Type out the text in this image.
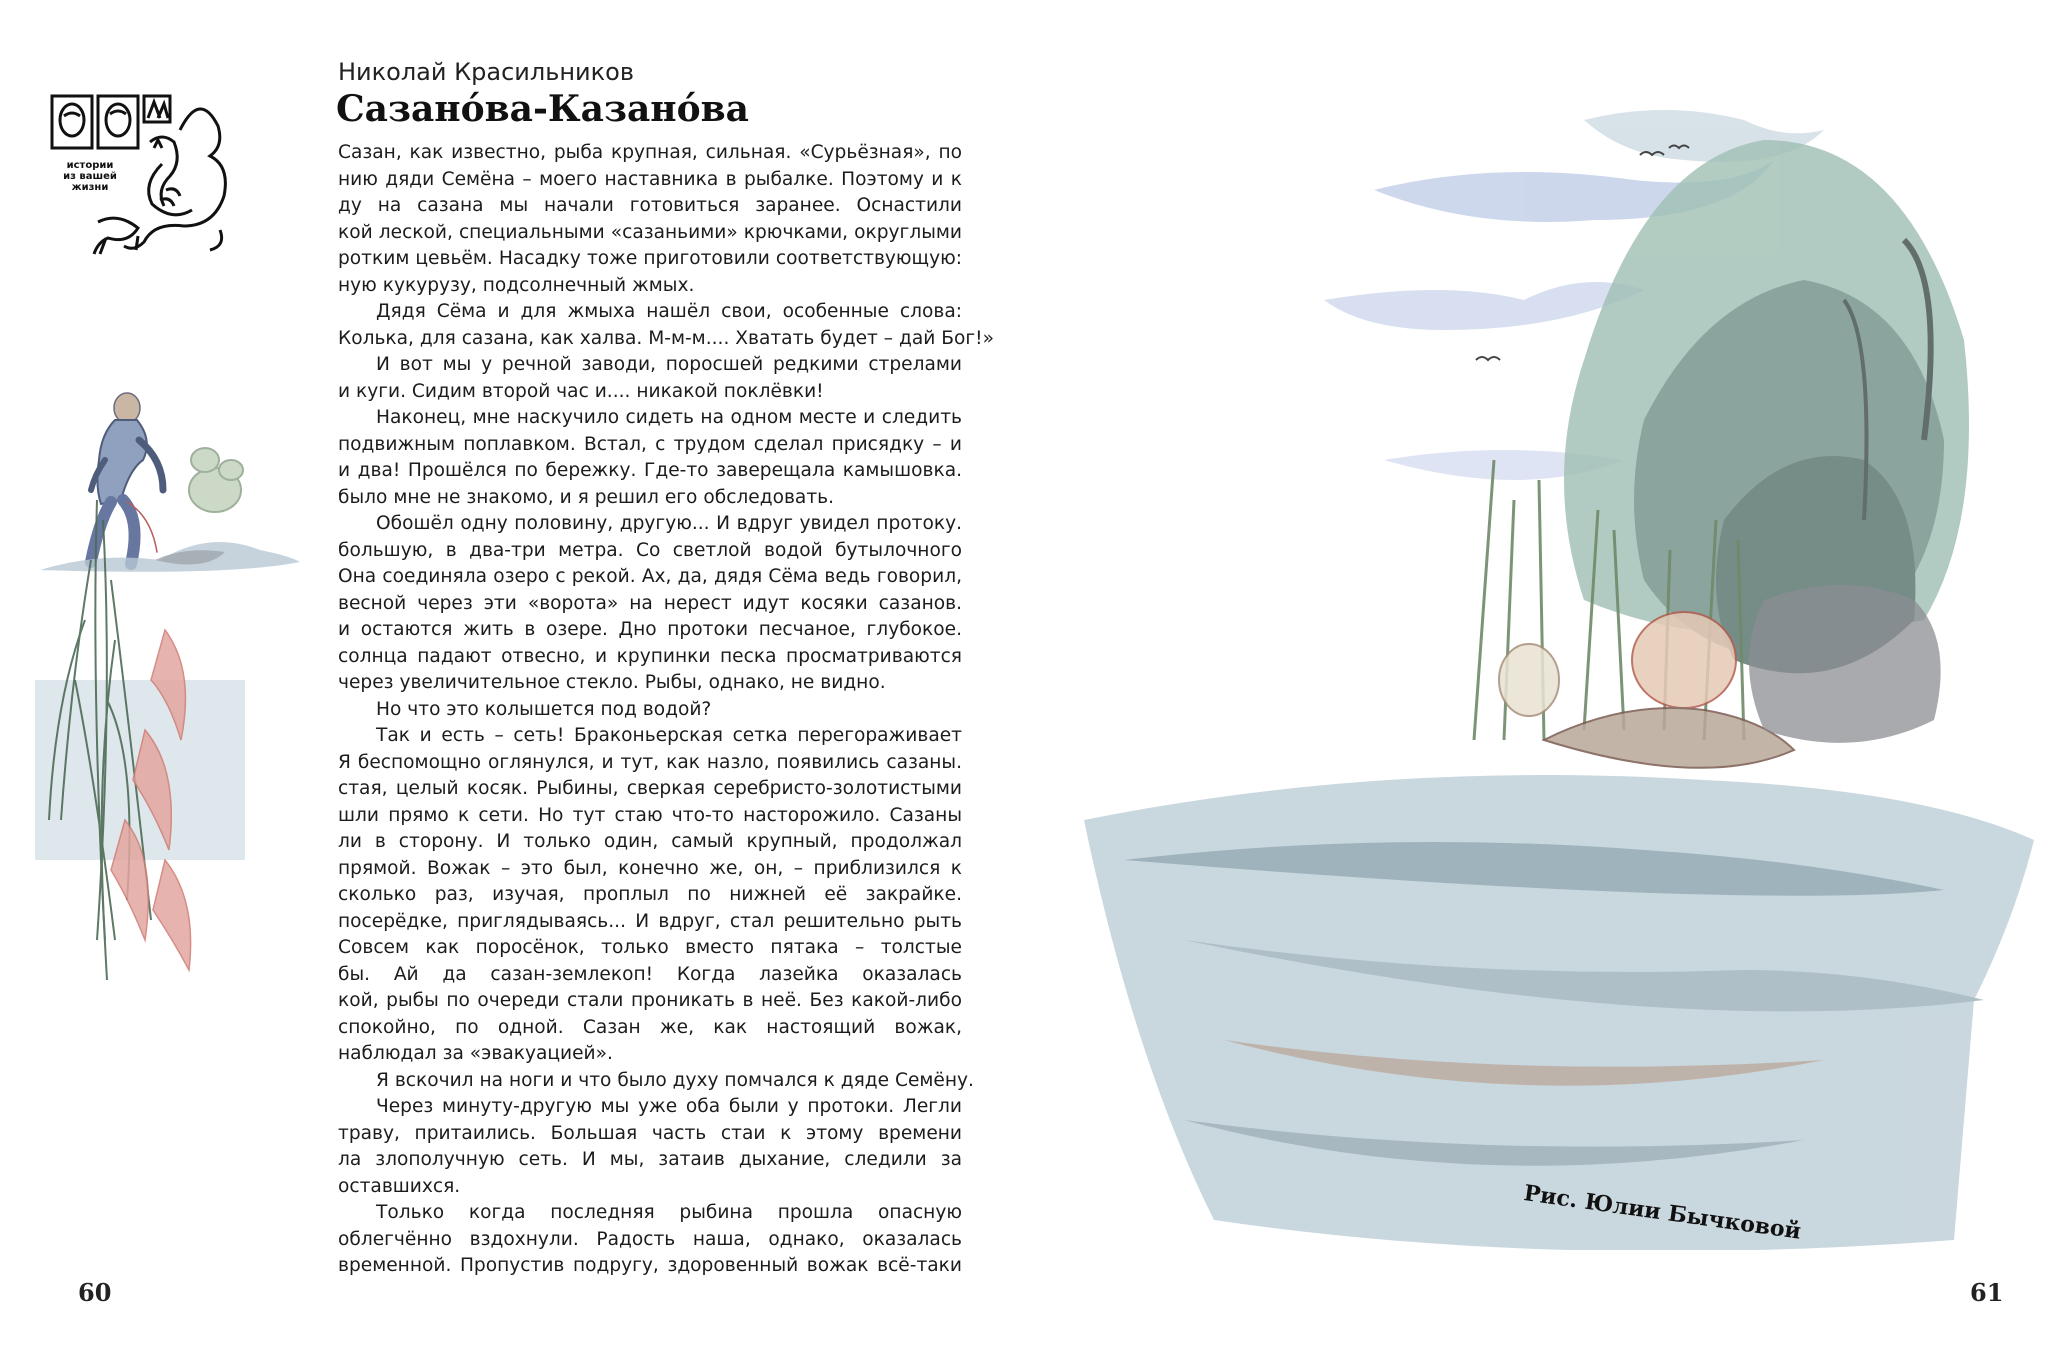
истории
из вашей
жизни
Николай Красильников
Сазано́ва-Казано́ва
Сазан, как известно, рыба крупная, сильная. «Сурьёзная», по
нию дяди Семёна – моего наставника в рыбалке. Поэтому и к
ду на сазана мы начали готовиться заранее. Оснастили
кой леской, специальными «сазаньими» крючками, округлыми
ротким цевьём. Насадку тоже приготовили соответствующую:
ную кукурузу, подсолнечный жмых.
Дядя Сёма и для жмыха нашёл свои, особенные слова:
Колька, для сазана, как халва. М-м-м.... Хватать будет – дай Бог!»
И вот мы у речной заводи, поросшей редкими стрелами
и куги. Сидим второй час и.... никакой поклёвки!
Наконец, мне наскучило сидеть на одном месте и следить
подвижным поплавком. Встал, с трудом сделал присядку – и
и два! Прошёлся по бережку. Где-то заверещала камышовка.
было мне не знакомо, и я решил его обследовать.
Обошёл одну половину, другую... И вдруг увидел протоку.
большую, в два-три метра. Со светлой водой бутылочного
Она соединяла озеро с рекой. Ах, да, дядя Сёма ведь говорил,
весной через эти «ворота» на нерест идут косяки сазанов.
и остаются жить в озере. Дно протоки песчаное, глубокое.
солнца падают отвесно, и крупинки песка просматриваются
через увеличительное стекло. Рыбы, однако, не видно.
Но что это колышется под водой?
Так и есть – сеть! Браконьерская сетка перегораживает
Я беспомощно оглянулся, и тут, как назло, появились сазаны.
стая, целый косяк. Рыбины, сверкая серебристо-золотистыми
шли прямо к сети. Но тут стаю что-то насторожило. Сазаны
ли в сторону. И только один, самый крупный, продолжал
прямой. Вожак – это был, конечно же, он, – приблизился к
сколько раз, изучая, проплыл по нижней её закрайке.
посерёдке, приглядываясь... И вдруг, стал решительно рыть
Совсем как поросёнок, только вместо пятака – толстые
бы. Ай да сазан-землекоп! Когда лазейка оказалась
кой, рыбы по очереди стали проникать в неё. Без какой-либо
спокойно, по одной. Сазан же, как настоящий вожак,
наблюдал за «эвакуацией».
Я вскочил на ноги и что было духу помчался к дяде Семёну.
Через минуту-другую мы уже оба были у протоки. Легли
траву, притаились. Большая часть стаи к этому времени
ла злополучную сеть. И мы, затаив дыхание, следили за
оставшихся.
Только когда последняя рыбина прошла опасную
облегчённо вздохнули. Радость наша, однако, оказалась
временной. Пропустив подругу, здоровенный вожак всё-таки
60
Рис. Юлии Бычковой
61
